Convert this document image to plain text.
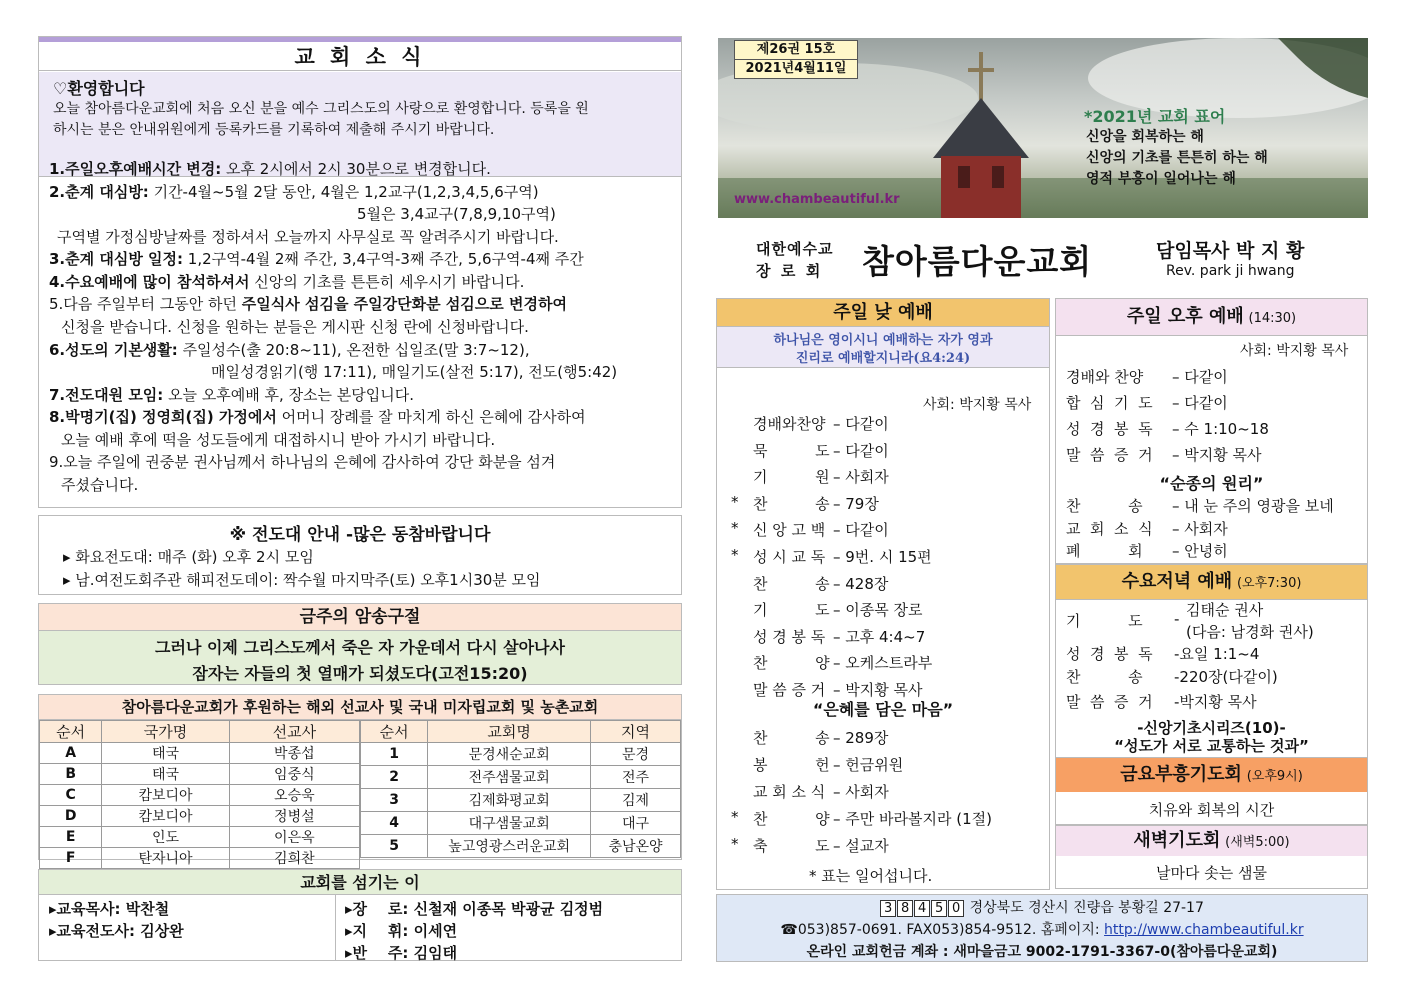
교 회 소 식
♡환영합니다
오늘 참아름다운교회에 처음 오신 분을 예수 그리스도의 사랑으로 환영합니다. 등록을 원
하시는 분은 안내위원에게 등록카드를 기록하여 제출해 주시기 바랍니다.
1.주일오후예배시간 변경: 오후 2시에서 2시 30분으로 변경합니다.
2.춘계 대심방: 기간-4월~5월 2달 동안, 4월은 1,2교구(1,2,3,4,5,6구역)
5월은 3,4교구(7,8,9,10구역)
구역별 가정심방날짜를 정하셔서 오늘까지 사무실로 꼭 알려주시기 바랍니다.
3.춘계 대심방 일정: 1,2구역-4월 2째 주간, 3,4구역-3째 주간, 5,6구역-4째 주간
4.수요예배에 많이 참석하셔서 신앙의 기초를 튼튼히 세우시기 바랍니다.
5.다음 주일부터 그동안 하던 주일식사 섬김을 주일강단화분 섬김으로 변경하여
신청을 받습니다. 신청을 원하는 분들은 게시판 신청 란에 신청바랍니다.
6.성도의 기본생활: 주일성수(출 20:8~11), 온전한 십일조(말 3:7~12),
매일성경읽기(행 17:11), 매일기도(살전 5:17), 전도(행5:42)
7.전도대원 모임: 오늘 오후예배 후, 장소는 본당입니다.
8.박명기(집) 정영희(집) 가정에서 어머니 장례를 잘 마치게 하신 은혜에 감사하여
오늘 예배 후에 떡을 성도들에게 대접하시니 받아 가시기 바랍니다.
9.오늘 주일에 권중분 권사님께서 하나님의 은혜에 감사하여 강단 화분을 섬겨
주셨습니다.
※ 전도대 안내 -많은 동참바랍니다
▸ 화요전도대: 매주 (화) 오후 2시 모임
▸ 남.여전도회주관 해피전도데이: 짝수월 마지막주(토) 오후1시30분 모임
금주의 암송구절
그러나 이제 그리스도께서 죽은 자 가운데서 다시 살아나사
잠자는 자들의 첫 열매가 되셨도다(고전15:20)
참아름다운교회가 후원하는 해외 선교사 및 국내 미자립교회 및 농촌교회
순서	국가명	선교사
A	태국	박종섭
B	태국	임중식
C	캄보디아	오승욱
D	캄보디아	정병설
E	인도	이은옥
F	탄자니아	김희찬
순서	교회명	지역
1	문경새순교회	문경
2	전주샘물교회	전주
3	김제화평교회	김제
4	대구샘물교회	대구
5	높고영광스러운교회	충남온양
교회를 섬기는 이
▸교육목사: 박찬철
▸교육전도사: 김상완
▸장    로: 신철재 이종목 박광균 김정범
▸지    휘: 이세연
▸반    주: 김임태
제26권 15호
2021년4월11일
*2021년 교회 표어
신앙을 회복하는 해
신앙의 기초를 튼튼히 하는 해
영적 부흥이 일어나는 해
www.chambeautiful.kr
대한예수교
장  로  회 참아름다운교회	담임목사 박 지 황
Rev. park ji hwang
주일 낮 예배
하나님은 영이시니 예배하는 자가 영과
진리로 예배할지니라(요4:24)
사회: 박지황 목사
경배와찬양 – 다같이
묵          도 – 다같이
기          원 – 사회자
* 찬          송 – 79장
* 신 앙 고 백 – 다같이
* 성 시 교 독 – 9번. 시 15편
찬          송 – 428장
기          도 – 이종목 장로
성 경 봉 독 – 고후 4:4~7
찬          양 – 오케스트라부
말 씀 증 거 – 박지황 목사
찬          송 – 289장
봉          헌 – 헌금위원
교 회 소 식 – 사회자
* 찬          양 – 주만 바라볼지라 (1절)
* 축          도 – 설교자
“은혜를 담은 마음”
* 표는 일어섭니다.
주일 오후 예배 (14:30)
사회: 박지황 목사
경배와 찬양 – 다같이
합  심  기  도 – 다같이
성  경  봉  독 – 수 1:10~18
말  씀  증  거 – 박지황 목사
찬          송 – 내 눈 주의 영광을 보네
교  회  소  식 – 사회자
폐          회 – 안녕히
“순종의 원리”
수요저녁 예배 (오후7:30)
기          도 - 김태순 권사
(다음: 남경화 권사)
성  경  봉  독 -요일 1:1~4
찬          송 -220장(다같이)
말  씀  증  거 -박지황 목사
-신앙기초시리즈(10)-
“성도가 서로 교통하는 것과”
금요부흥기도회 (오후9시)
치유와 회복의 시간
새벽기도회 (새벽5:00)
날마다 솟는 샘물
3 8 4 5 0 경상북도 경산시 진량읍 봉황길 27-17
☎053)857-0691. FAX053)854-9512. 홈페이지: http://www.chambeautiful.kr
온라인 교회헌금 계좌 : 새마을금고 9002-1791-3367-0(참아름다운교회)
